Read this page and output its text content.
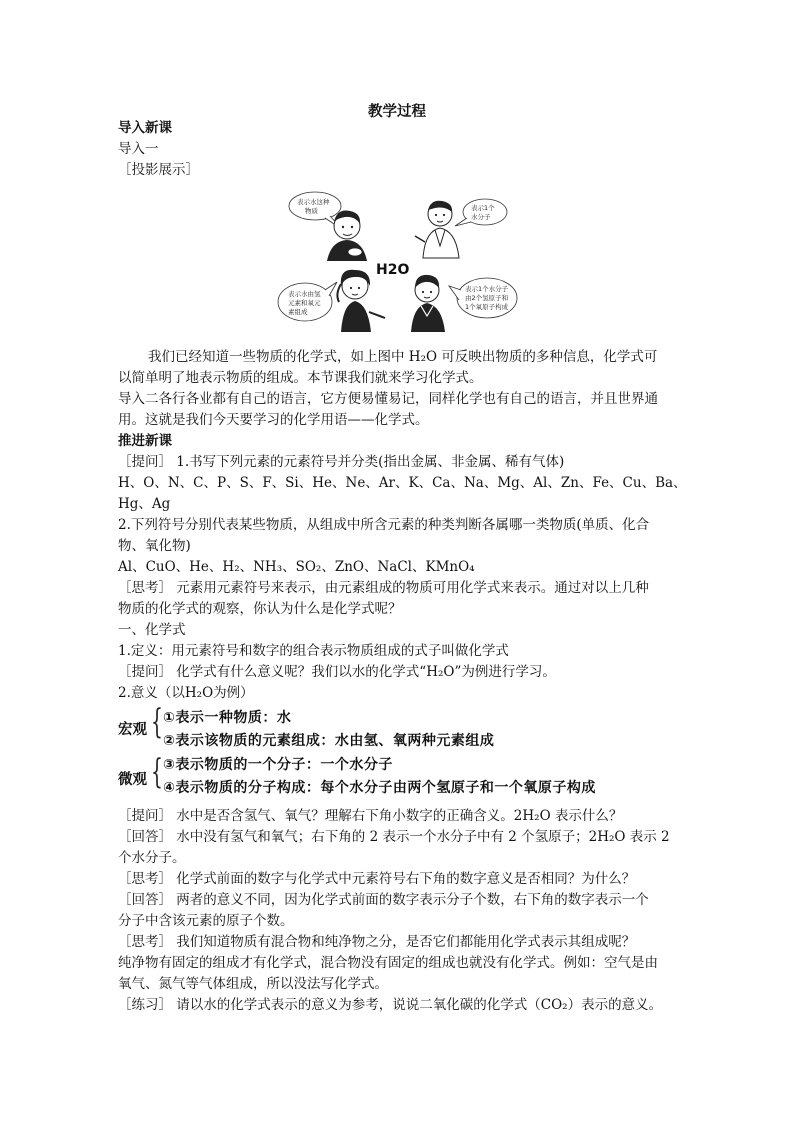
教学过程
导入新课
导入一
［投影展示］
表示水这种
物质	表示1个
水分子
表示水由氢
元素和氧元
素组成
表示1个水分子
由2个氢原子和
1个氧原子构成
H2O
我们已经知道一些物质的化学式，如上图中 H₂O 可反映出物质的多种信息，化学式可
以简单明了地表示物质的组成。本节课我们就来学习化学式。
导入二各行各业都有自己的语言，它方便易懂易记，同样化学也有自己的语言，并且世界通
用。这就是我们今天要学习的化学用语——化学式。
推进新课
［提问］ 1.书写下列元素的元素符号并分类(指出金属、非金属、稀有气体)
H、O、N、C、P、S、F、Si、He、Ne、Ar、K、Ca、Na、Mg、Al、Zn、Fe、Cu、Ba、
Hg、Ag
2.下列符号分别代表某些物质，从组成中所含元素的种类判断各属哪一类物质(单质、化合
物、氧化物)
Al、CuO、He、H₂、NH₃、SO₂、ZnO、NaCl、KMnO₄
［思考］ 元素用元素符号来表示，由元素组成的物质可用化学式来表示。通过对以上几种
物质的化学式的观察，你认为什么是化学式呢？
一、化学式
1.定义：用元素符号和数字的组合表示物质组成的式子叫做化学式
［提问］ 化学式有什么意义呢？我们以水的化学式“H₂O”为例进行学习。
2.意义（以H₂O为例）
宏观 { ①表示一种物质：水
②表示该物质的元素组成：水由氢、氧两种元素组成
微观 { ③表示物质的一个分子：一个水分子
④表示物质的分子构成：每个水分子由两个氢原子和一个氧原子构成
［提问］ 水中是否含氢气、氧气？理解右下角小数字的正确含义。2H₂O 表示什么？
［回答］ 水中没有氢气和氧气；右下角的 2 表示一个水分子中有 2 个氢原子；2H₂O 表示 2
个水分子。
［思考］ 化学式前面的数字与化学式中元素符号右下角的数字意义是否相同？为什么？
［回答］ 两者的意义不同，因为化学式前面的数字表示分子个数，右下角的数字表示一个
分子中含该元素的原子个数。
［思考］ 我们知道物质有混合物和纯净物之分，是否它们都能用化学式表示其组成呢？
纯净物有固定的组成才有化学式，混合物没有固定的组成也就没有化学式。例如：空气是由
氧气、氮气等气体组成，所以没法写化学式。
［练习］ 请以水的化学式表示的意义为参考，说说二氧化碳的化学式（CO₂）表示的意义。
